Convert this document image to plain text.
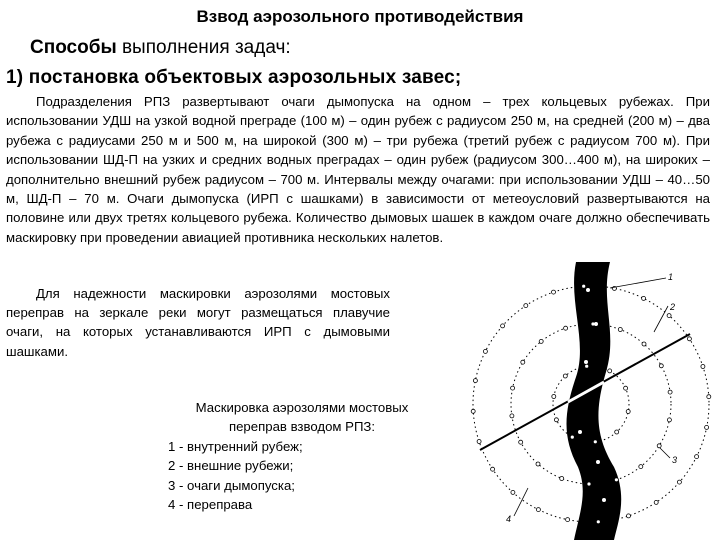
Взвод аэрозольного противодействия
Способы выполнения задач:
1) постановка объектовых аэрозольных завес;
Подразделения РПЗ развертывают очаги дымопуска на одном – трех кольцевых рубежах. При использовании УДШ на узкой водной преграде (100 м) – один рубеж с радиусом 250 м, на средней (200 м) – два рубежа с радиусами 250 м и 500 м, на широкой (300 м) – три рубежа (третий рубеж с радиусом 700 м). При использовании ШД-П на узких и средних водных преградах – один рубеж (радиусом 300…400 м), на широких – дополнительно внешний рубеж радиусом – 700 м. Интервалы между очагами: при использовании УДШ – 40…50 м, ШД-П – 70 м. Очаги дымопуска (ИРП с шашками) в зависимости от метеоусловий развертываются на половине или двух третях кольцевого рубежа. Количество дымовых шашек в каждом очаге должно обеспечивать маскировку при проведении авиацией противника нескольких налетов.
Для надежности маскировки аэрозолями мостовых переправ на зеркале реки могут размещаться плавучие очаги, на которых устанавливаются ИРП с дымовыми шашками.
Маскировка аэрозолями мостовых переправ взводом РПЗ:
1 - внутренний рубеж;
2 - внешние рубежи;
3 - очаги дымопуска;
4 - переправа
1
2
3
4
